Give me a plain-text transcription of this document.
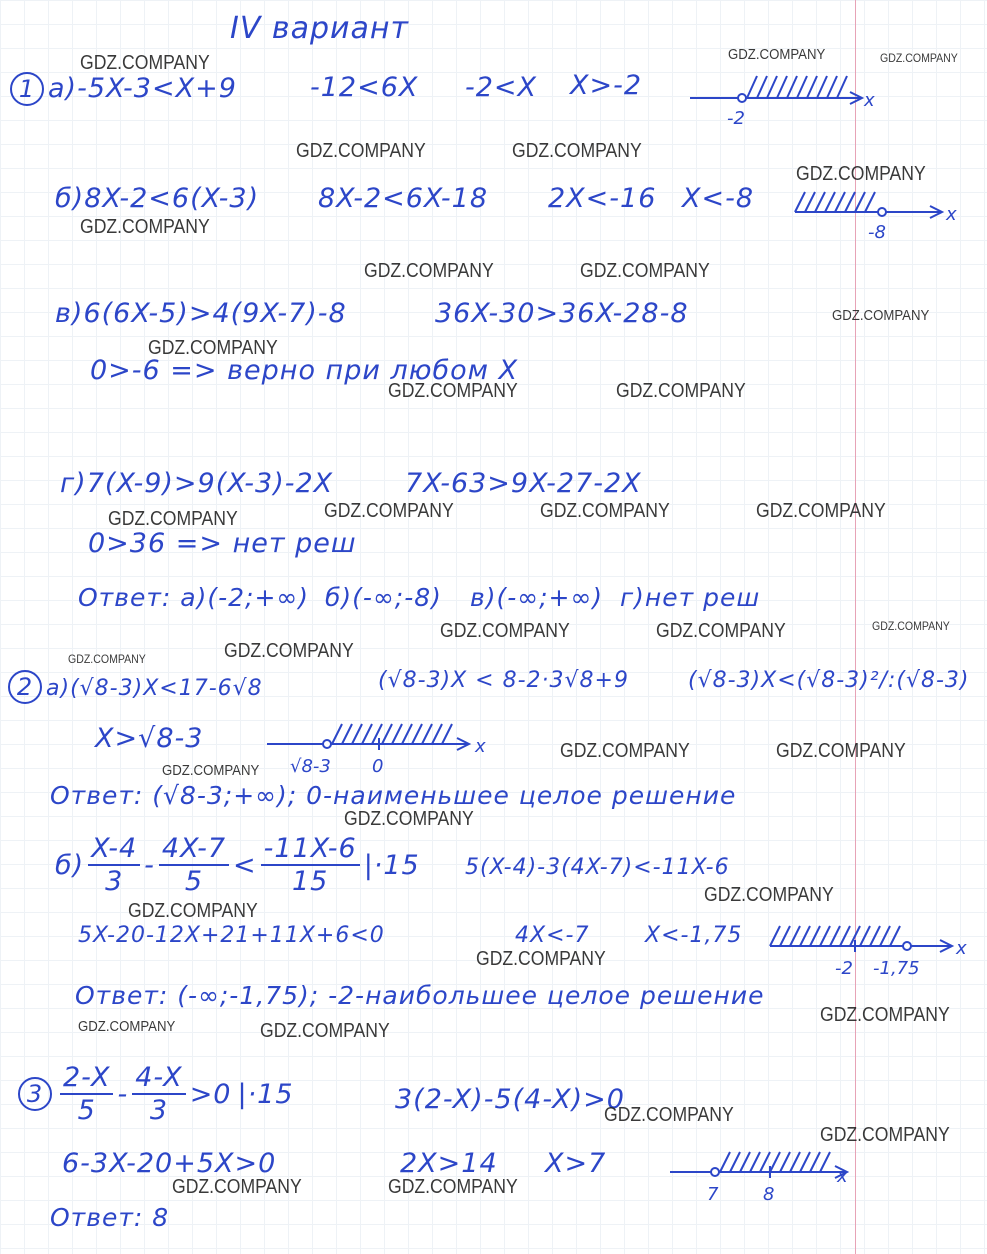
IV вариант
1 а)-5X-3<X+9	-12<6X -2<X X>-2
-2
x
б)8X-2<6(X-3) 8X-2<6X-18 2X<-16 X<-8
-8
x
в)6(6X-5)>4(9X-7)-8	36X-30>36X-28-8
0>-6 => верно при любом X
г)7(X-9)>9(X-3)-2X	7X-63>9X-27-2X
0>36 => нет реш
Ответ: а)(-2;+∞) б)(-∞;-8) в)(-∞;+∞) г)нет реш
2 а)(√8-3)X<17-6√8	(√8-3)X < 8-2·3√8+9	(√8-3)X<(√8-3)²/:(√8-3)
X>√8-3
√8-3 0
x
Ответ: (√8-3;+∞); 0-наименьшее целое решение
$б) \frac{X-4}{3} - \frac{4X-7}{5} < \frac{-11X-6}{15} |\cdot 15$ 5(X-4)-3(4X-7)<-11X-6
5X-20-12X+21+11X+6<0	4X<-7	X<-1,75
-2 -1,75
x
Ответ: (-∞;-1,75); -2-наибольшее целое решение
$3 \frac{2-X}{5} - \frac{4-X}{3} >0$ |·15	3(2-X)-5(4-X)>0
6-3X-20+5X>0	2X>14 X>7
7 8
x
Ответ: 8
GDZ.COMPANY	GDZ.COMPANY	GDZ.COMPANY
GDZ.COMPANY	GDZ.COMPANY
GDZ.COMPANY
GDZ.COMPANY
GDZ.COMPANY	GDZ.COMPANY
GDZ.COMPANY
GDZ.COMPANY
GDZ.COMPANY	GDZ.COMPANY
GDZ.COMPANY	GDZ.COMPANY	GDZ.COMPANY	GDZ.COMPANY
GDZ.COMPANY	GDZ.COMPANY	GDZ.COMPANY
GDZ.COMPANY	GDZ.COMPANY
GDZ.COMPANY	GDZ.COMPANY
GDZ.COMPANY
GDZ.COMPANY
GDZ.COMPANY
GDZ.COMPANY
GDZ.COMPANY
GDZ.COMPANY
GDZ.COMPANY	GDZ.COMPANY
GDZ.COMPANY
GDZ.COMPANY
GDZ.COMPANY	GDZ.COMPANY
